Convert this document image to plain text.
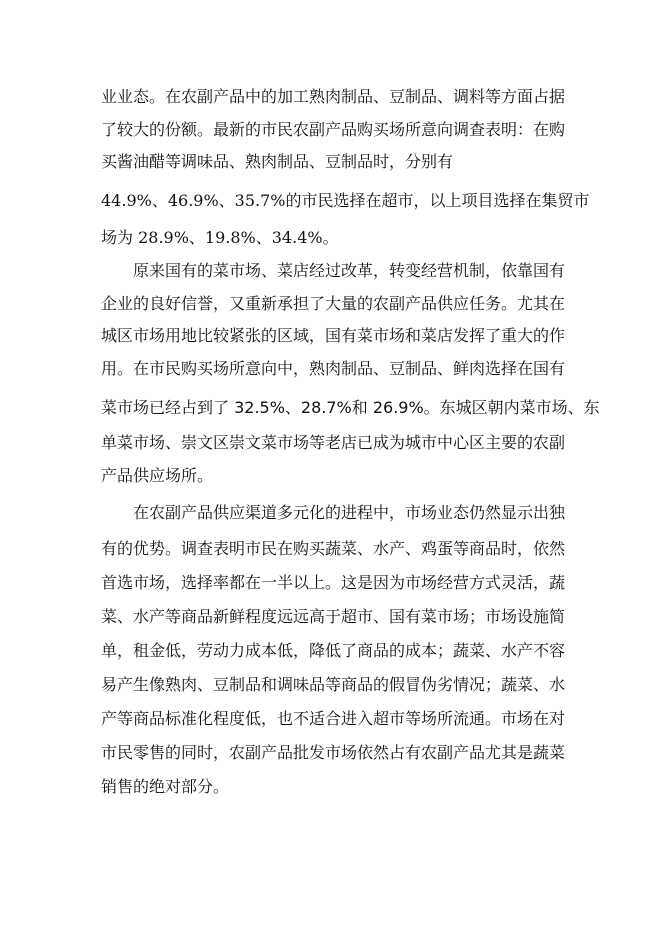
业业态。在农副产品中的加工熟肉制品、豆制品、调料等方面占据
了较大的份额。最新的市民农副产品购买场所意向调查表明：在购
买酱油醋等调味品、熟肉制品、豆制品时，分别有
44.9%、46.9%、35.7%的市民选择在超市，以上项目选择在集贸市
场为 28.9%、19.8%、34.4%。
原来国有的菜市场、菜店经过改革，转变经营机制，依靠国有
企业的良好信誉，又重新承担了大量的农副产品供应任务。尤其在
城区市场用地比较紧张的区域，国有菜市场和菜店发挥了重大的作
用。在市民购买场所意向中，熟肉制品、豆制品、鲜肉选择在国有
菜市场已经占到了 32.5%、28.7%和 26.9%。东城区朝内菜市场、东
单菜市场、崇文区崇文菜市场等老店已成为城市中心区主要的农副
产品供应场所。
在农副产品供应渠道多元化的进程中，市场业态仍然显示出独
有的优势。调查表明市民在购买蔬菜、水产、鸡蛋等商品时，依然
首选市场，选择率都在一半以上。这是因为市场经营方式灵活，蔬
菜、水产等商品新鲜程度远远高于超市、国有菜市场；市场设施简
单，租金低，劳动力成本低，降低了商品的成本；蔬菜、水产不容
易产生像熟肉、豆制品和调味品等商品的假冒伪劣情况；蔬菜、水
产等商品标准化程度低，也不适合进入超市等场所流通。市场在对
市民零售的同时，农副产品批发市场依然占有农副产品尤其是蔬菜
销售的绝对部分。
